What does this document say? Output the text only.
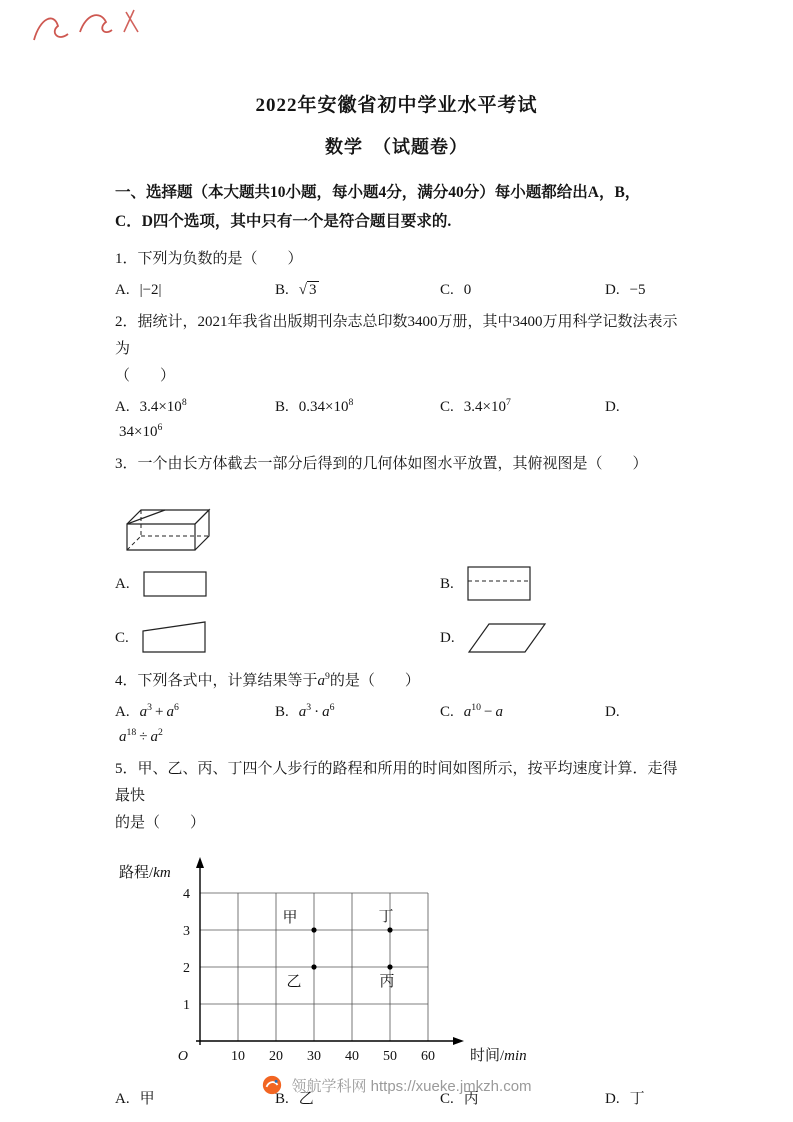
2022年安徽省初中学业水平考试
数学　（试题卷）

一、选择题（本大题共10小题，每小题4分，满分40分）每小题都给出A，B，
C．D四个选项，其中只有一个是符合题目要求的.

1．下列为负数的是（　　）

A. |−2|	B. √ 3	C. 0	D. −5

2．据统计，2021年我省出版期刊杂志总印数3400万册，其中3400万用科学记数法表示为
（　　）

A. $3.4\times 10^8$	B. $0.34\times 10^8$	C. $3.4\times 10^7$	D.

$34\times 10^6$

3．一个由长方体截去一部分后得到的几何体如图水平放置，其俯视图是（　　）

A.	B.
C.	D.

4．下列各式中，计算结果等于$a^9$的是（　　）

A. $a^3 + a^6$	B. $a^3 \cdot a^6$	C. $a^{10} - a$	D.

$a^{18} \div a^2$

5．甲、乙、丙、丁四个人步行的路程和所用的时间如图所示，按平均速度计算．走得最快
的是（　　）

10 20 30 40 50 60
1
2
3
4
O
路程/km
时间/min
甲
乙
丁
丙
A. 甲	B. 乙	C. 丙	D. 丁
领航学科网 https://xueke.jmkzh.com
